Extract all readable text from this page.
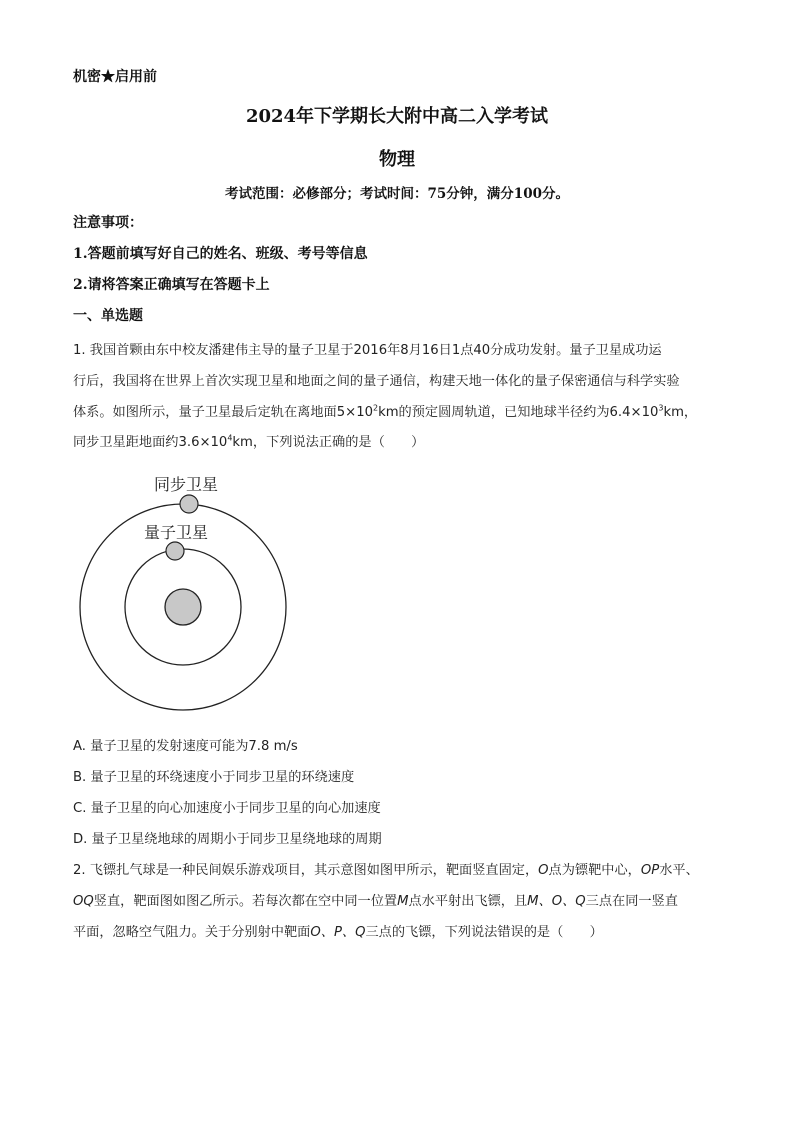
机密★启用前
2024年下学期长大附中高二入学考试
物理
考试范围：必修部分；考试时间：75分钟，满分100分。
注意事项：
1.答题前填写好自己的姓名、班级、考号等信息
2.请将答案正确填写在答题卡上
一、单选题
1. 我国首颗由东中校友潘建伟主导的量子卫星于2016年8月16日1点40分成功发射。量子卫星成功运
行后，我国将在世界上首次实现卫星和地面之间的量子通信，构建天地一体化的量子保密通信与科学实验
体系。如图所示，量子卫星最后定轨在离地面$5\times 10^2km$的预定圆周轨道，已知地球半径约为$6.4\times 10^3km$，
同步卫星距地面约$3.6\times 10^4km$，下列说法正确的是（　　）
同步卫星
量子卫星
A. 量子卫星的发射速度可能为7.8 m/s
B. 量子卫星的环绕速度小于同步卫星的环绕速度
C. 量子卫星的向心加速度小于同步卫星的向心加速度
D. 量子卫星绕地球的周期小于同步卫星绕地球的周期
2. 飞镖扎气球是一种民间娱乐游戏项目，其示意图如图甲所示，靶面竖直固定，O点为镖靶中心，OP水平、
OQ竖直，靶面图如图乙所示。若每次都在空中同一位置M点水平射出飞镖，且M、O、Q三点在同一竖直
平面，忽略空气阻力。关于分别射中靶面O、P、Q三点的飞镖，下列说法错误的是（　　）
